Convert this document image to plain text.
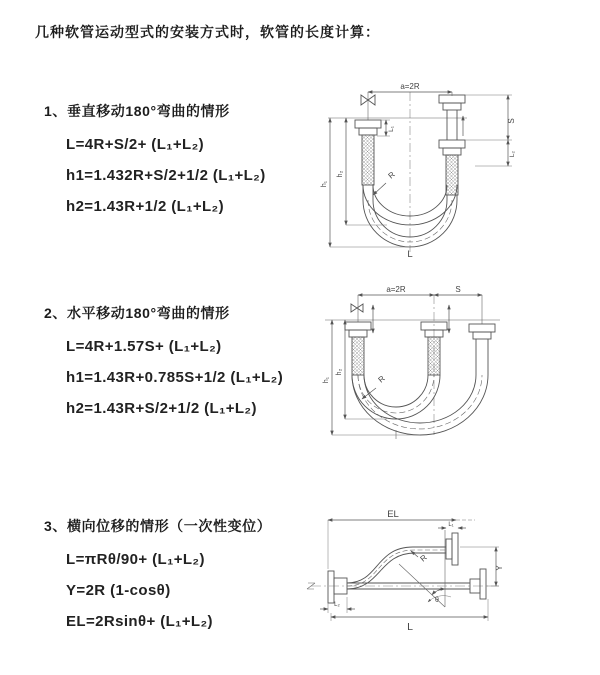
几种软管运动型式的安装方式时，软管的长度计算：
1、垂直移动180°弯曲的情形
L=4R+S/2+ (L₁+L₂)
h1=1.432R+S/2+1/2 (L₁+L₂)
h2=1.43R+1/2 (L₁+L₂)
2、水平移动180°弯曲的情形
L=4R+1.57S+ (L₁+L₂)
h1=1.43R+0.785S+1/2 (L₁+L₂)
h2=1.43R+S/2+1/2 (L₁+L₂)
3、横向位移的情形（一次性变位）
L=πRθ/90+ (L₁+L₂)
Y=2R (1-cosθ)
EL=2Rsinθ+ (L₁+L₂)
a=2R
S
L₂
h₁
h₂
L₁
R
L
a=2R	S
h₁
h₂
R
θ
EL
L₁
Y
L₂
L
R
